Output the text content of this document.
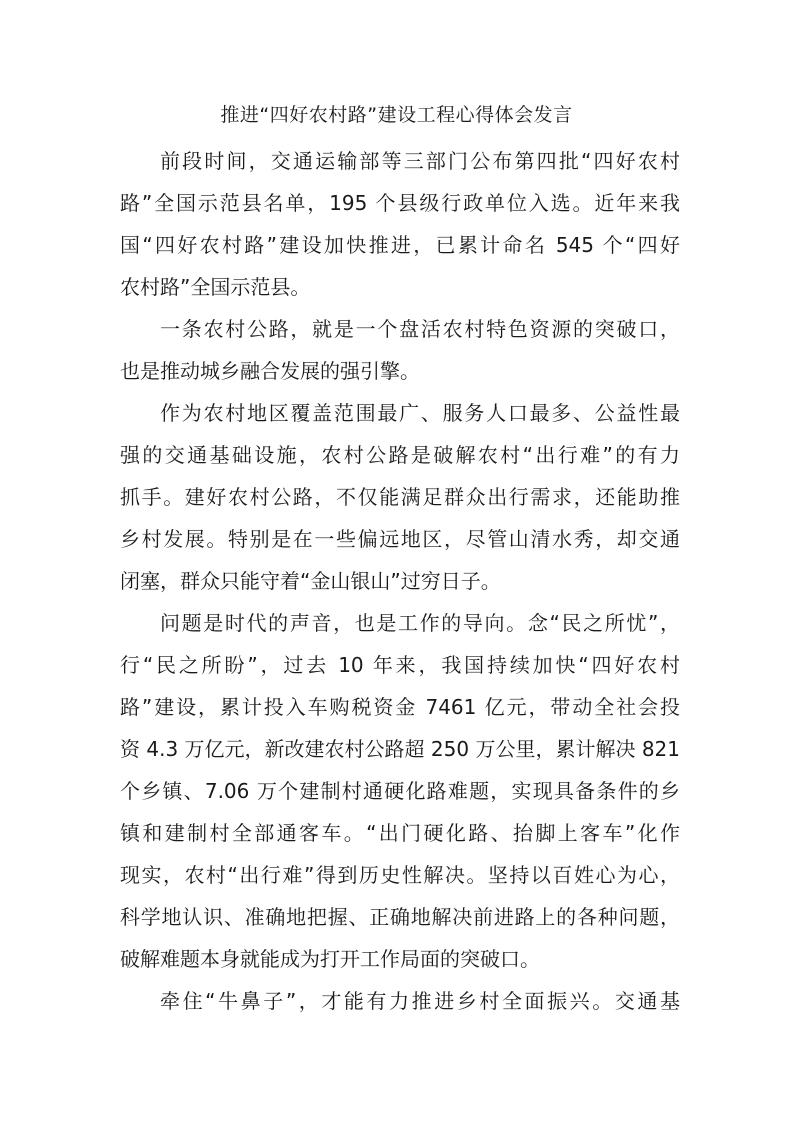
推进“四好农村路”建设工程心得体会发言
前段时间，交通运输部等三部门公布第四批“四好农村
路”全国示范县名单，195 个县级行政单位入选。近年来我
国“四好农村路”建设加快推进，已累计命名 545 个“四好
农村路”全国示范县。
一条农村公路，就是一个盘活农村特色资源的突破口，
也是推动城乡融合发展的强引擎。
作为农村地区覆盖范围最广、服务人口最多、公益性最
强的交通基础设施，农村公路是破解农村“出行难”的有力
抓手。建好农村公路，不仅能满足群众出行需求，还能助推
乡村发展。特别是在一些偏远地区，尽管山清水秀，却交通
闭塞，群众只能守着“金山银山”过穷日子。
问题是时代的声音，也是工作的导向。念“民之所忧”，
行“民之所盼”，过去 10 年来，我国持续加快“四好农村
路”建设，累计投入车购税资金 7461 亿元，带动全社会投
资 4.3 万亿元，新改建农村公路超 250 万公里，累计解决 821
个乡镇、7.06 万个建制村通硬化路难题，实现具备条件的乡
镇和建制村全部通客车。“出门硬化路、抬脚上客车”化作
现实，农村“出行难”得到历史性解决。坚持以百姓心为心，
科学地认识、准确地把握、正确地解决前进路上的各种问题，
破解难题本身就能成为打开工作局面的突破口。
牵住“牛鼻子”，才能有力推进乡村全面振兴。交通基
